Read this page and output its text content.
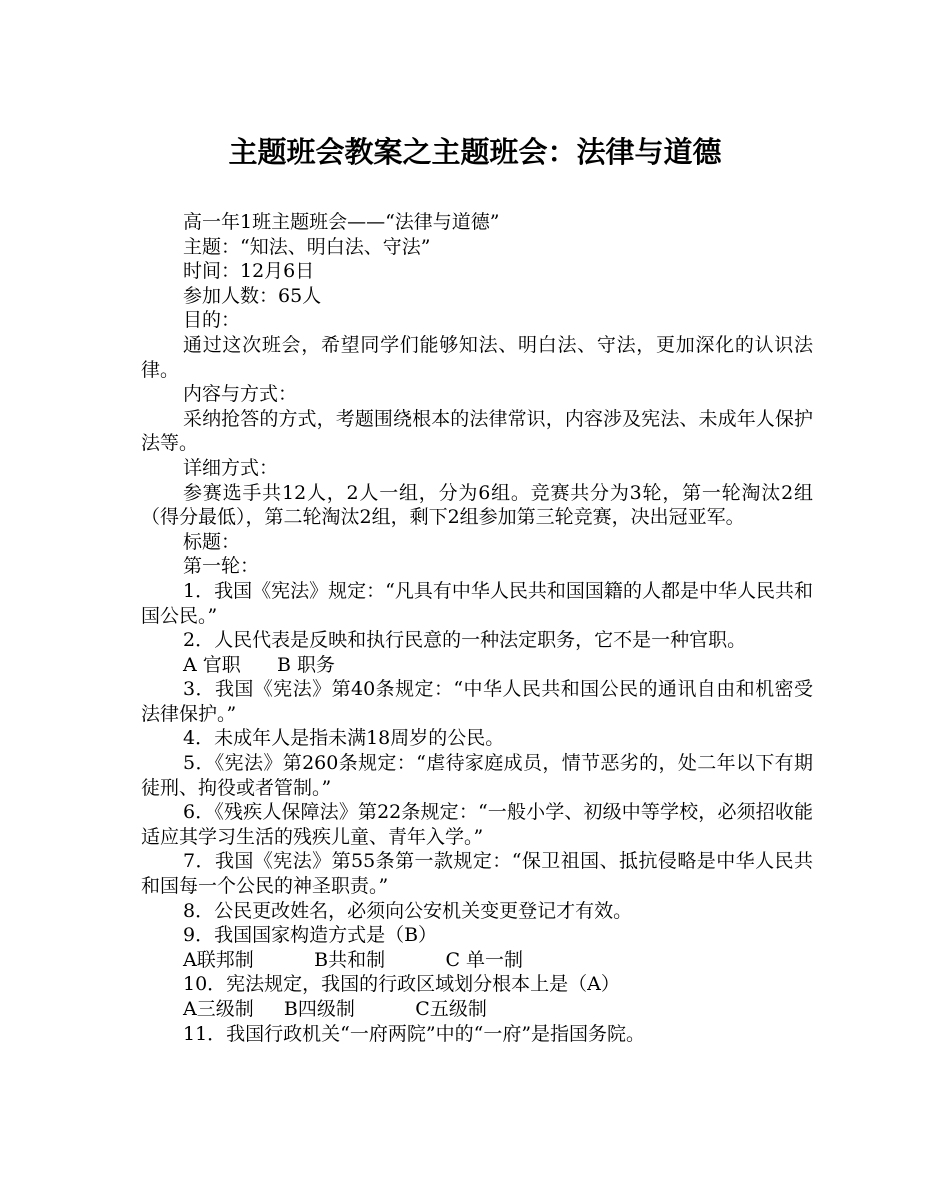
主题班会教案之主题班会：法律与道德

高一年1班主题班会——“法律与道德”

主题：“知法、明白法、守法”

时间：12月6日

参加人数：65人

目的：

通过这次班会，希望同学们能够知法、明白法、守法，更加深化的认识法律。

内容与方式：

采纳抢答的方式，考题围绕根本的法律常识，内容涉及宪法、未成年人保护法等。

详细方式：

参赛选手共12人，2人一组，分为6组。竞赛共分为3轮，第一轮淘汰2组（得分最低），第二轮淘汰2组，剩下2组参加第三轮竞赛，决出冠亚军。

标题：

第一轮：

1．我国《宪法》规定：“凡具有中华人民共和国国籍的人都是中华人民共和国公民。”

2．人民代表是反映和执行民意的一种法定职务，它不是一种官职。

A 官职      B 职务

3．我国《宪法》第40条规定：“中华人民共和国公民的通讯自由和机密受法律保护。”

4．未成年人是指未满18周岁的公民。

5．《宪法》第260条规定：“虐待家庭成员，情节恶劣的，处二年以下有期徒刑、拘役或者管制。”

6．《残疾人保障法》第22条规定：“一般小学、初级中等学校，必须招收能适应其学习生活的残疾儿童、青年入学。”

7．我国《宪法》第55条第一款规定：“保卫祖国、抵抗侵略是中华人民共和国每一个公民的神圣职责。”

8．公民更改姓名，必须向公安机关变更登记才有效。

9．我国国家构造方式是（B）

A联邦制          B共和制          C 单一制

10．宪法规定，我国的行政区域划分根本上是（A）

A三级制     B四级制          C五级制

11．我国行政机关“一府两院”中的“一府”是指国务院。
